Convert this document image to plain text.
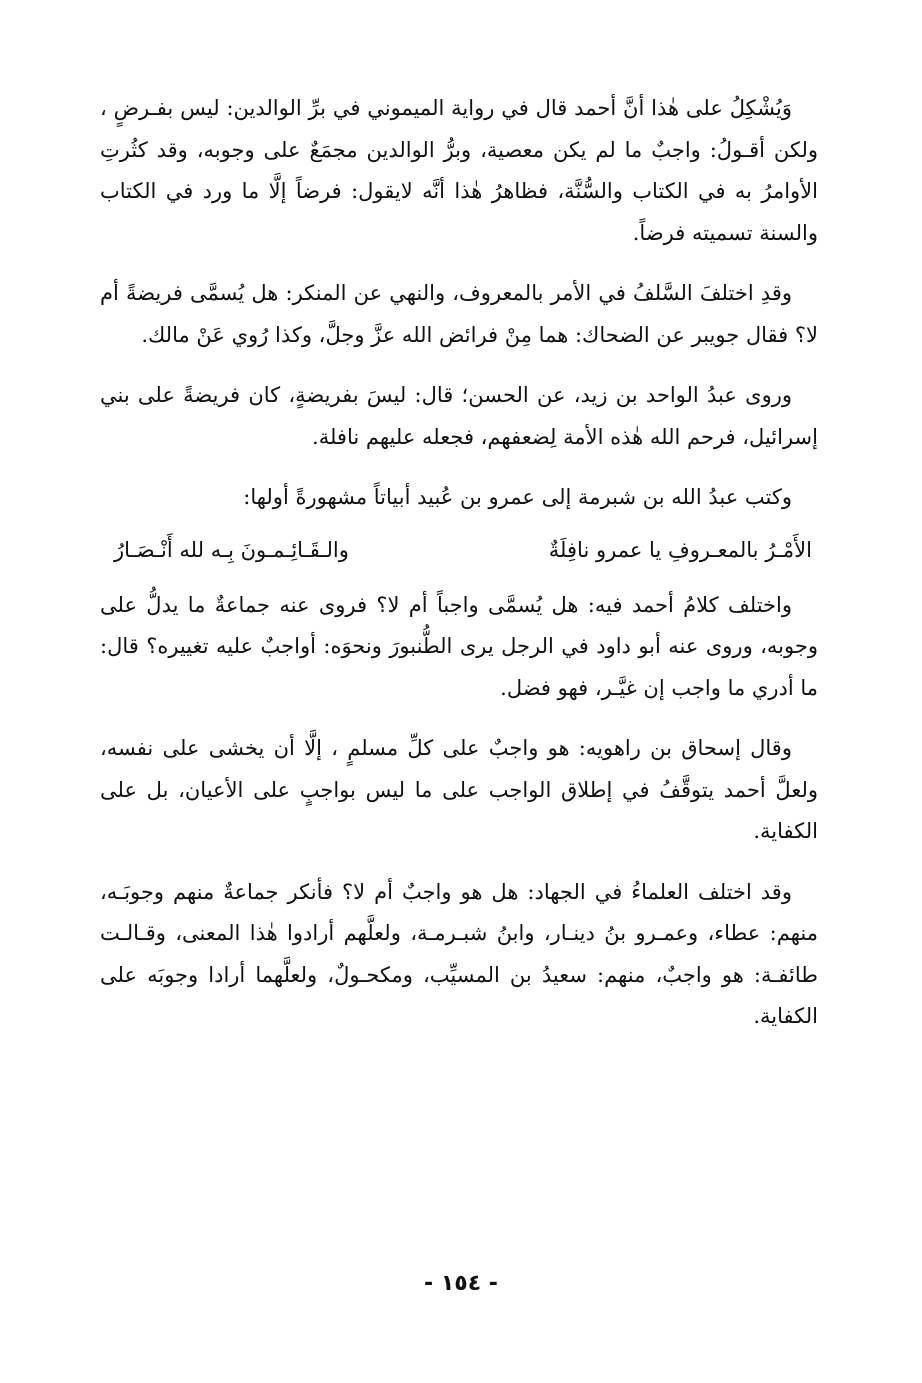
وَيُشْكِلُ على هٰذا أنَّ أحمد قال في رواية الميموني في برِّ الوالدين: ليس بفـرضٍ ، ولكن أقـولُ: واجبٌ ما لم يكن معصية، وبرُّ الوالدين مجمَعٌ على وجوبه، وقد كثُرتِ الأوامرُ به في الكتاب والسُّنَّة، فظاهرُ هٰذا أنَّه لايقول: فرضاً إلَّا ما ورد في الكتاب والسنة تسميته فرضاً.

وقدِ اختلفَ السَّلفُ في الأمر بالمعروف، والنهي عن المنكر: هل يُسمَّى فريضةً أم لا؟ فقال جويبر عن الضحاك: هما مِنْ فرائض الله عزَّ وجلَّ، وكذا رُوي عَنْ مالك.

وروى عبدُ الواحد بن زيد، عن الحسن؛ قال: ليسَ بفريضةٍ، كان فريضةً على بني إسرائيل، فرحم الله هٰذه الأمة لِضعفهم، فجعله عليهم نافلة.

وكتب عبدُ الله بن شبرمة إلى عمرو بن عُبيد أبياتاً مشهورةً أولها:

الأَمْـرُ بالمعـروفِ يا عمرو نافِلَةٌ
والـقَـائِـمـونَ بِـه لله أَنْـصَـارُ

واختلف كلامُ أحمد فيه: هل يُسمَّى واجباً أم لا؟ فروى عنه جماعةٌ ما يدلُّ على وجوبه، وروى عنه أبو داود في الرجل يرى الطُّنبورَ ونحوَه: أواجبٌ عليه تغييره؟ قال: ما أدري ما واجب إن غيَّـر، فهو فضل.

وقال إسحاق بن راهويه: هو واجبٌ على كلِّ مسلمٍ ، إلَّا أن يخشى على نفسه، ولعلَّ أحمد يتوقَّفُ في إطلاق الواجب على ما ليس بواجبٍ على الأعيان، بل على الكفاية.

وقد اختلف العلماءُ في الجهاد: هل هو واجبٌ أم لا؟ فأنكر جماعةٌ منهم وجوبَـه، منهم: عطاء، وعمـرو بنُ دينـار، وابنُ شبـرمـة، ولعلَّهم أرادوا هٰذا المعنى، وقـالـت طائفـة: هو واجبٌ، منهم: سعيدُ بن المسيِّب، ومكحـولٌ، ولعلَّهما أرادا وجوبَه على الكفاية.

- ١٥٤ -
